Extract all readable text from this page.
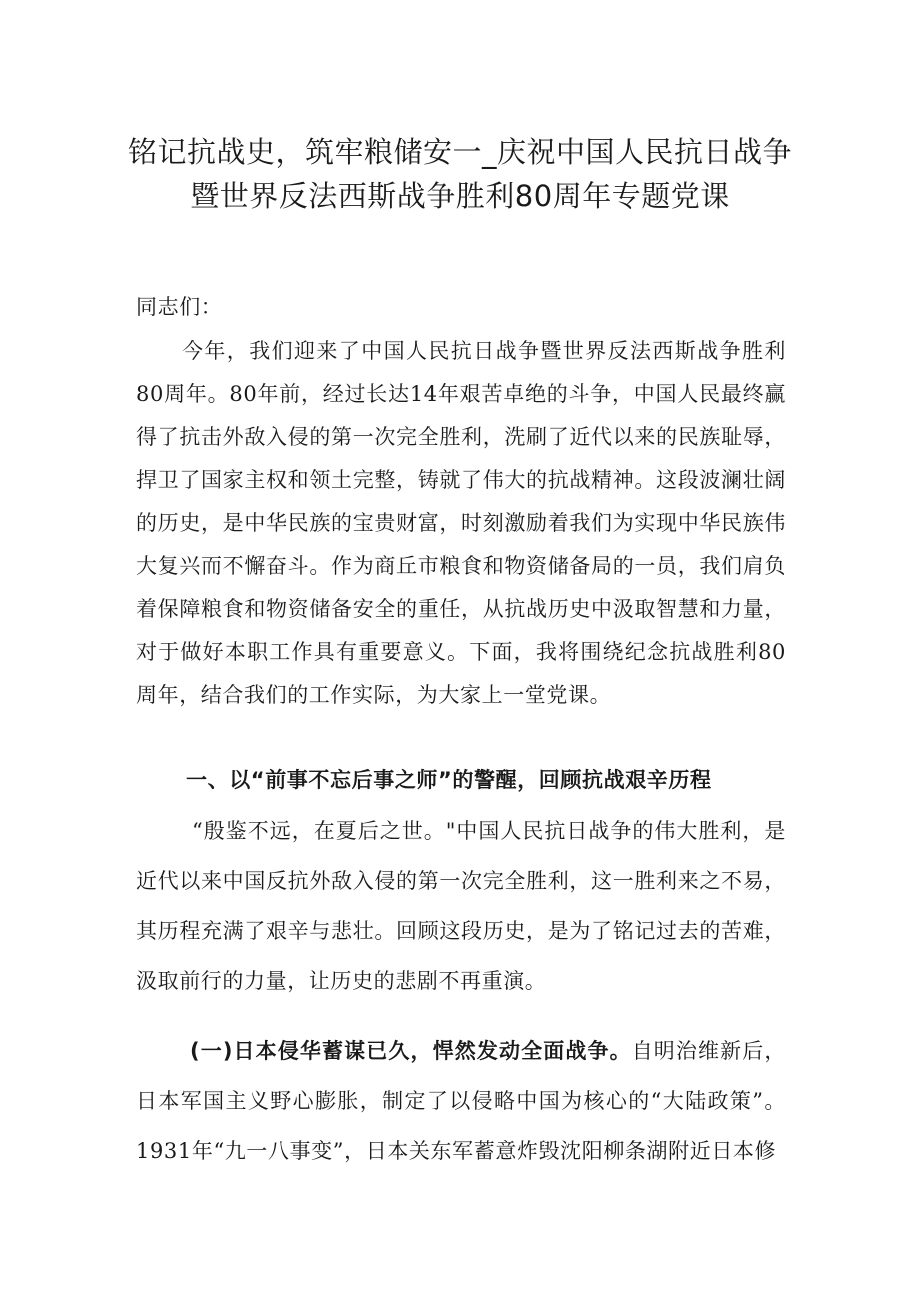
铭记抗战史，筑牢粮储安一_庆祝中国人民抗日战争
暨世界反法西斯战争胜利80周年专题党课

同志们：

今年，我们迎来了中国人民抗日战争暨世界反法西斯战争胜利80周年。80年前，经过长达14年艰苦卓绝的斗争，中国人民最终赢得了抗击外敌入侵的第一次完全胜利，洗刷了近代以来的民族耻辱，捍卫了国家主权和领土完整，铸就了伟大的抗战精神。这段波澜壮阔的历史，是中华民族的宝贵财富，时刻激励着我们为实现中华民族伟大复兴而不懈奋斗。作为商丘市粮食和物资储备局的一员，我们肩负着保障粮食和物资储备安全的重任，从抗战历史中汲取智慧和力量，对于做好本职工作具有重要意义。下面，我将围绕纪念抗战胜利80周年，结合我们的工作实际，为大家上一堂党课。

一、以“前事不忘后事之师”的警醒，回顾抗战艰辛历程

“殷鉴不远，在夏后之世。"中国人民抗日战争的伟大胜利，是近代以来中国反抗外敌入侵的第一次完全胜利，这一胜利来之不易，其历程充满了艰辛与悲壮。回顾这段历史，是为了铭记过去的苦难，汲取前行的力量，让历史的悲剧不再重演。

(一)日本侵华蓄谋已久，悍然发动全面战争。自明治维新后，日本军国主义野心膨胀，制定了以侵略中国为核心的“大陆政策”。1931年“九一八事变”，日本关东军蓄意炸毁沈阳柳条湖附近日本修
